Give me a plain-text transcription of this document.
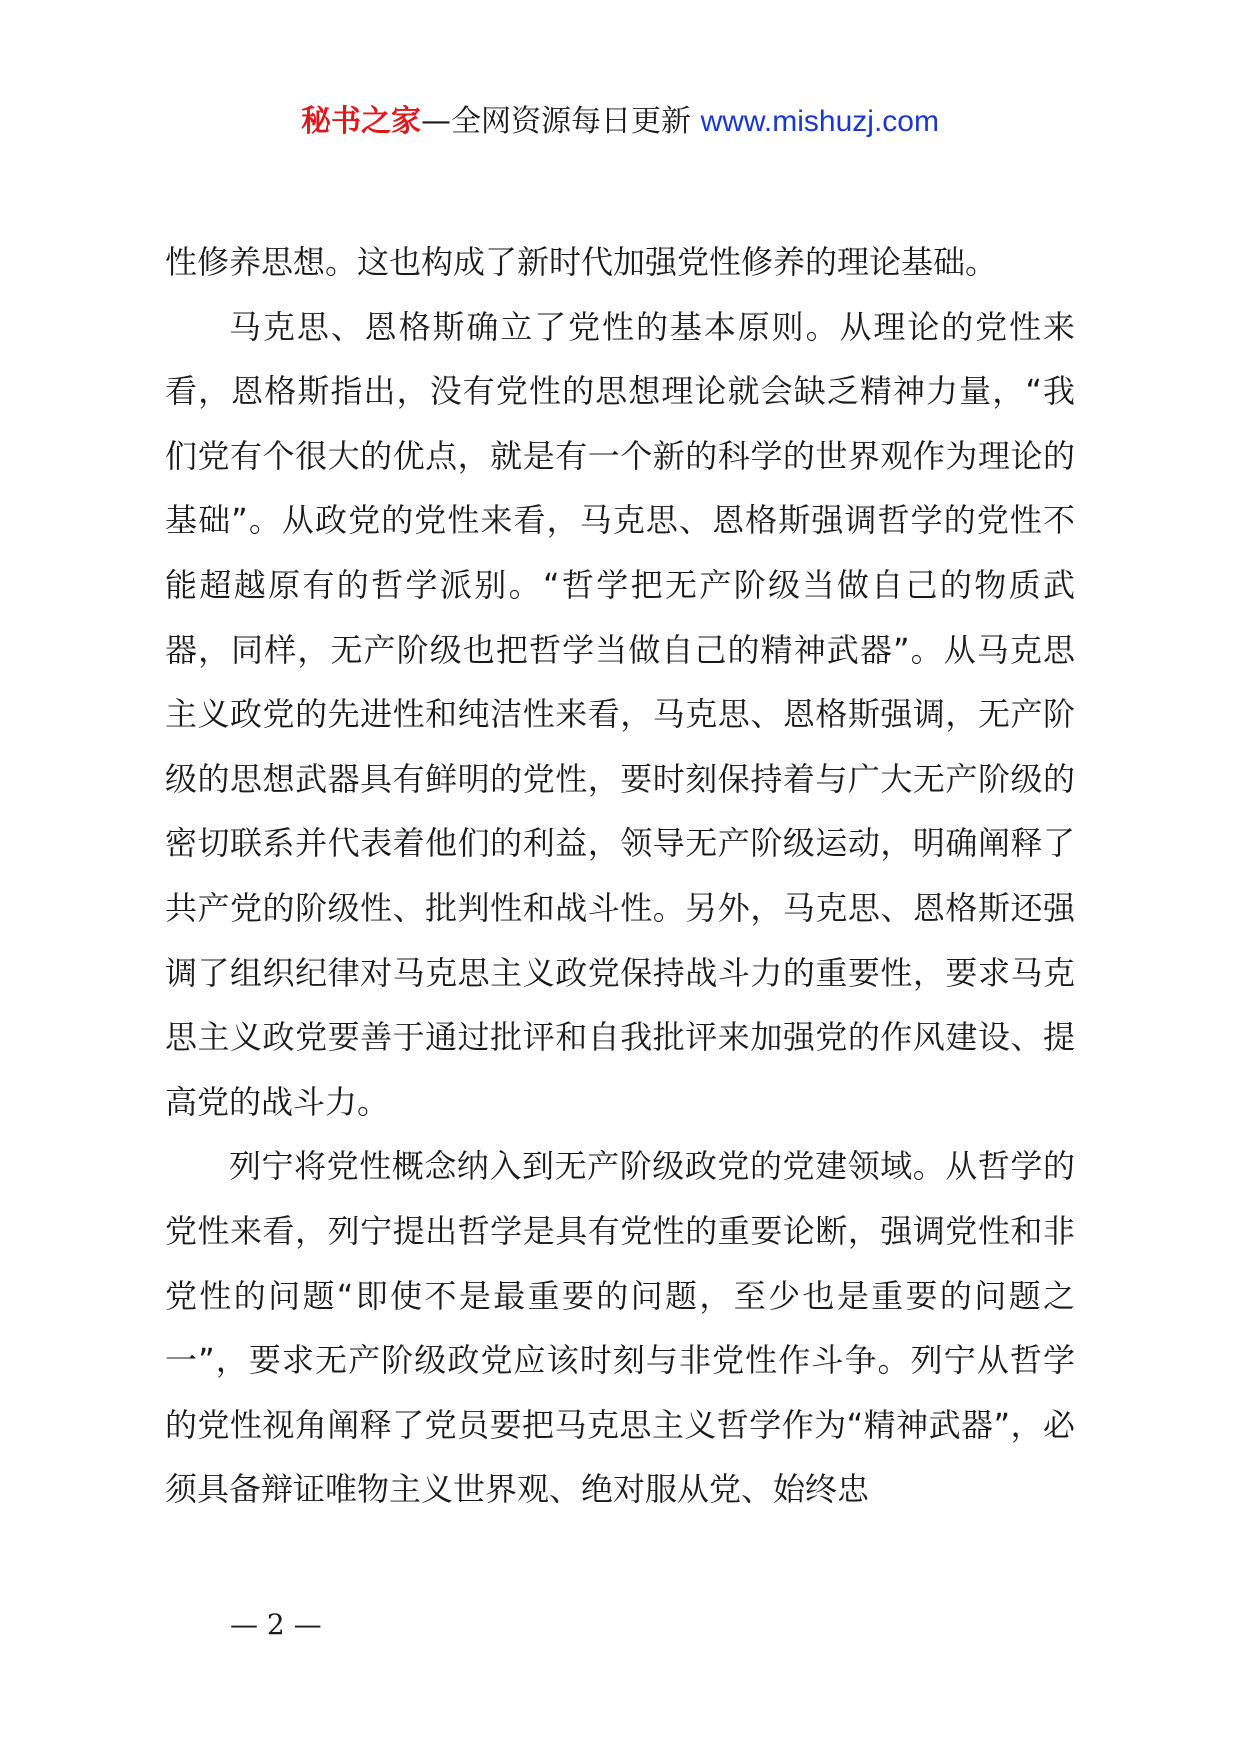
秘书之家—全网资源每日更新 www.mishuzj.com

性修养思想。这也构成了新时代加强党性修养的理论基础。

马克思、恩格斯确立了党性的基本原则。从理论的党性来看，恩格斯指出，没有党性的思想理论就会缺乏精神力量，“我们党有个很大的优点，就是有一个新的科学的世界观作为理论的基础”。从政党的党性来看，马克思、恩格斯强调哲学的党性不能超越原有的哲学派别。“哲学把无产阶级当做自己的物质武器，同样，无产阶级也把哲学当做自己的精神武器”。从马克思主义政党的先进性和纯洁性来看，马克思、恩格斯强调，无产阶级的思想武器具有鲜明的党性，要时刻保持着与广大无产阶级的密切联系并代表着他们的利益，领导无产阶级运动，明确阐释了共产党的阶级性、批判性和战斗性。另外，马克思、恩格斯还强调了组织纪律对马克思主义政党保持战斗力的重要性，要求马克思主义政党要善于通过批评和自我批评来加强党的作风建设、提高党的战斗力。

列宁将党性概念纳入到无产阶级政党的党建领域。从哲学的党性来看，列宁提出哲学是具有党性的重要论断，强调党性和非党性的问题“即使不是最重要的问题，至少也是重要的问题之一”，要求无产阶级政党应该时刻与非党性作斗争。列宁从哲学的党性视角阐释了党员要把马克思主义哲学作为“精神武器”，必须具备辩证唯物主义世界观、绝对服从党、始终忠

— 2 —
